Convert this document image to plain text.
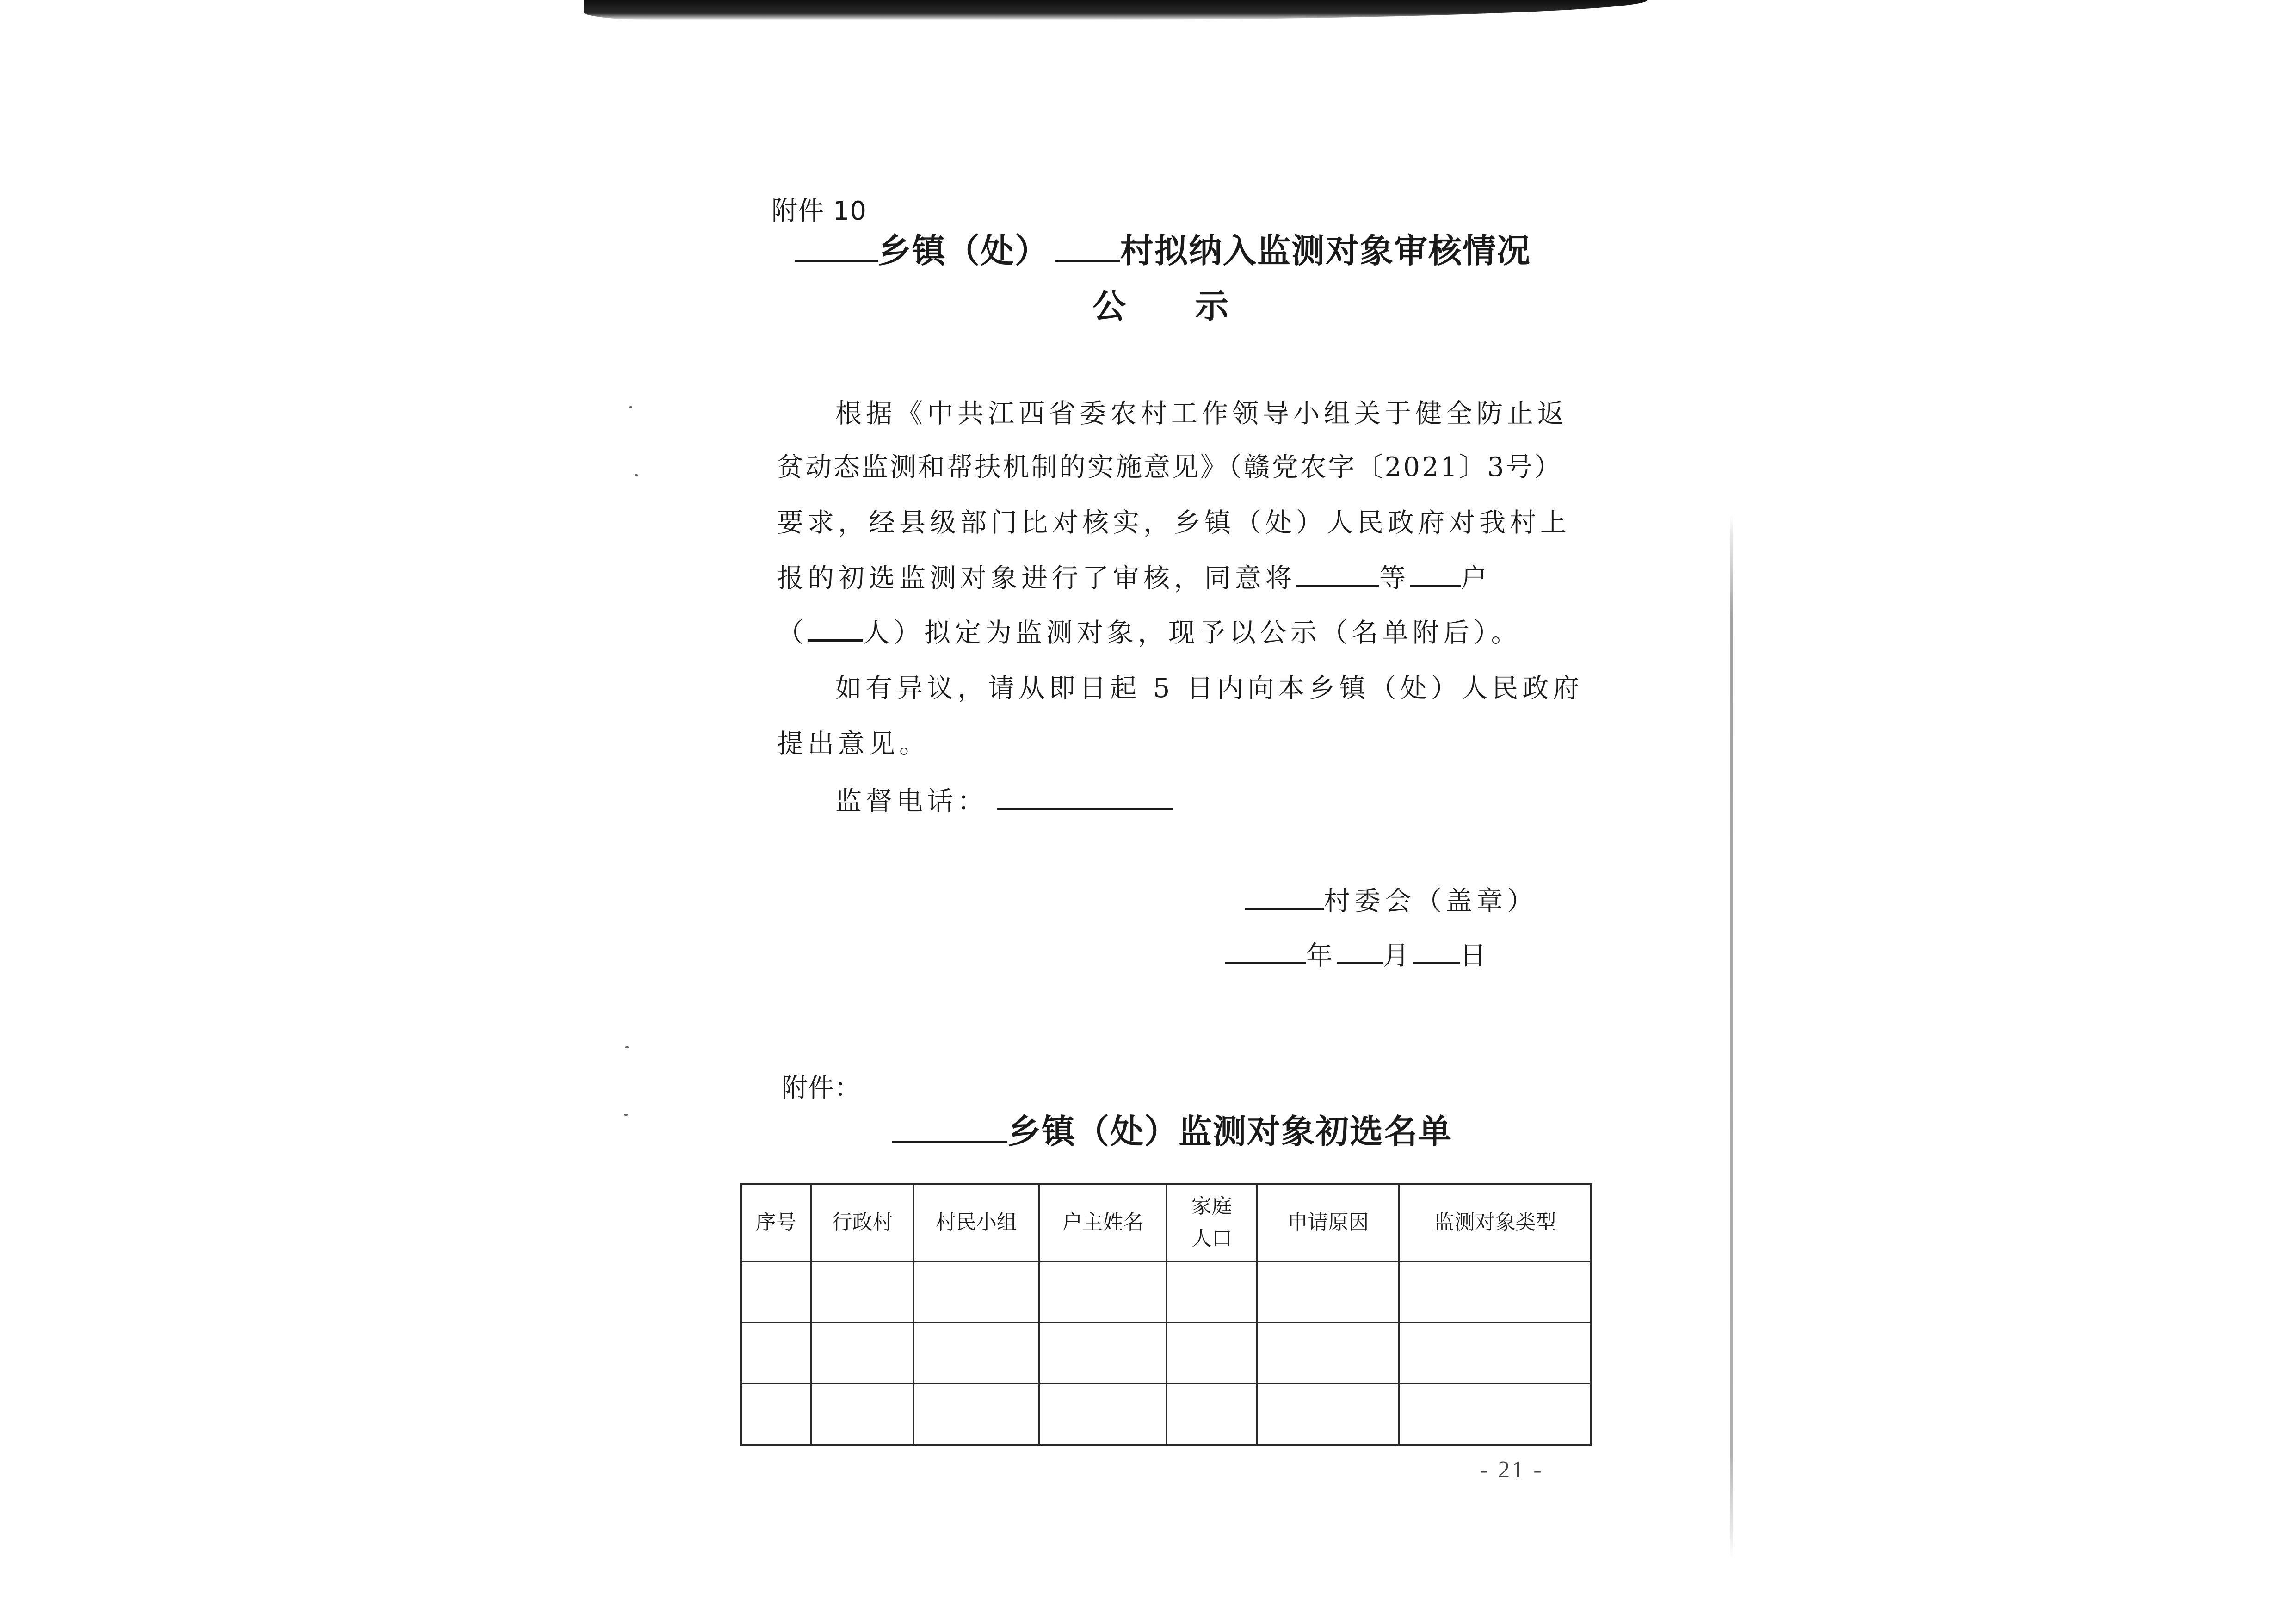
附件 10
乡镇（处） 村拟纳入监测对象审核情况
公　　示
根据《中共江西省委农村工作领导小组关于健全防止返
贫动态监测和帮扶机制的实施意见》（赣党农字〔2021〕3号）
要求，经县级部门比对核实，乡镇（处）人民政府对我村上
报的初选监测对象进行了审核，同意将	等 户
（ 人）拟定为监测对象，现予以公示（名单附后）。
如有异议，请从即日起 5 日内向本乡镇（处）人民政府
提出意见。
监督电话：
村委会（盖章）
年 月 日
附件：
乡镇（处）监测对象初选名单
序号	行政村	村民小组	户主姓名	家庭人口	申请原因	监测对象类型

- 21 -
